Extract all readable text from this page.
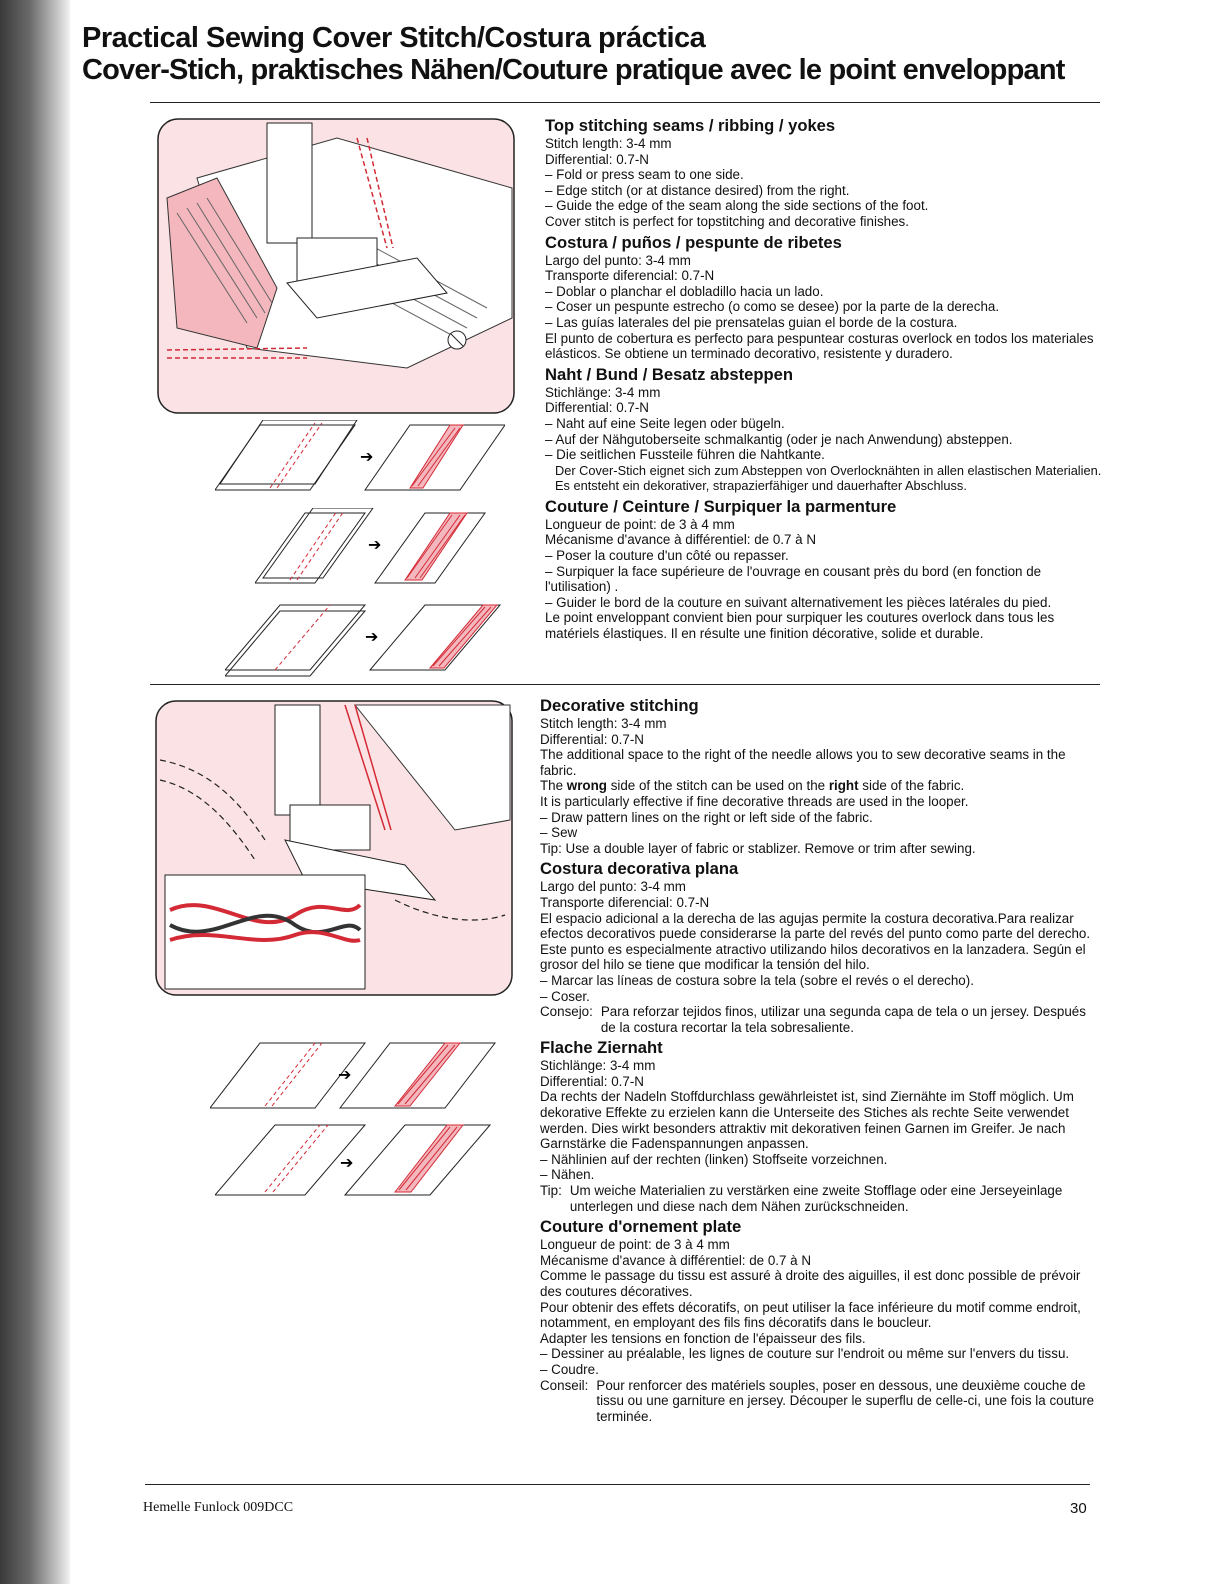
Practical Sewing Cover Stitch/Costura práctica
Cover-Stich, praktisches Nähen/Couture pratique avec le point enveloppant
➔
➔
➔
Top stitching seams / ribbing / yokes

Stitch length: 3-4 mm

Differential: 0.7-N

– Fold or press seam to one side.

– Edge stitch (or at distance desired) from the right.

– Guide the edge of the seam along the side sections of the foot.

Cover stitch is perfect for topstitching and decorative finishes.

Costura / puños / pespunte de ribetes

Largo del punto: 3-4 mm

Transporte diferencial: 0.7-N

– Doblar o planchar el dobladillo hacia un lado.

– Coser un pespunte estrecho (o como se desee) por la parte de la derecha.

– Las guías laterales del pie prensatelas guian el borde de la costura.

El punto de cobertura es perfecto para pespuntear costuras overlock en todos los materiales elásticos. Se obtiene un terminado decorativo, resistente y duradero.

Naht / Bund / Besatz absteppen

Stichlänge: 3-4 mm

Differential: 0.7-N

– Naht auf eine Seite legen oder bügeln.

– Auf der Nähgutoberseite schmalkantig (oder je nach Anwendung) absteppen.

– Die seitlichen Fussteile führen die Nahtkante.

Der Cover-Stich eignet sich zum Absteppen von Overlocknähten in allen elastischen Materialien. Es entsteht ein dekorativer, strapazierfähiger und dauerhafter Abschluss.

Couture / Ceinture / Surpiquer la parmenture

Longueur de point: de 3 à 4 mm

Mécanisme d'avance à différentiel: de 0.7 à N

– Poser la couture d'un côté ou repasser.

– Surpiquer la face supérieure de l'ouvrage en cousant près du bord (en fonction de l'utilisation) .

– Guider le bord de la couture en suivant alternativement les pièces latérales du pied.

Le point enveloppant convient bien pour surpiquer les coutures overlock dans tous les matériels élastiques. Il en résulte une finition décorative, solide et durable.

➔
➔
Decorative stitching

Stitch length: 3-4 mm

Differential: 0.7-N

The additional space to the right of the needle allows you to sew decorative seams in the fabric.

The wrong side of the stitch can be used on the right side of the fabric.

It is particularly effective if fine decorative threads are used in the looper.

– Draw pattern lines on the right or left side of the fabric.

– Sew

Tip: Use a double layer of fabric or stablizer. Remove or trim after sewing.

Costura decorativa plana

Largo del punto: 3-4 mm

Transporte diferencial: 0.7-N

El espacio adicional a la derecha de las agujas permite la costura decorativa.Para realizar efectos decorativos puede considerarse la parte del revés del punto como parte del derecho. Este punto es especialmente atractivo utilizando hilos decorativos en la lanzadera. Según el grosor del hilo se tiene que modificar la tensión del hilo.

– Marcar las líneas de costura sobre la tela (sobre el revés o el derecho).

– Coser.

Consejo: Para reforzar tejidos finos, utilizar una segunda capa de tela o un jersey. Después de la costura recortar la tela sobresaliente.
Flache Ziernaht

Stichlänge: 3-4 mm

Differential: 0.7-N

Da rechts der Nadeln Stoffdurchlass gewährleistet ist, sind Ziernähte im Stoff möglich. Um dekorative Effekte zu erzielen kann die Unterseite des Stiches als rechte Seite verwendet werden. Dies wirkt besonders attraktiv mit dekorativen feinen Garnen im Greifer. Je nach Garnstärke die Fadenspannungen anpassen.

– Nählinien auf der rechten (linken) Stoffseite vorzeichnen.

– Nähen.

Tip: Um weiche Materialien zu verstärken eine zweite Stofflage oder eine Jerseyeinlage unterlegen und diese nach dem Nähen zurückschneiden.
Couture d'ornement plate

Longueur de point: de 3 à 4 mm

Mécanisme d'avance à différentiel: de 0.7 à N

Comme le passage du tissu est assuré à droite des aiguilles, il est donc possible de prévoir des coutures décoratives.

Pour obtenir des effets décoratifs, on peut utiliser la face inférieure du motif comme endroit, notamment, en employant des fils fins décoratifs dans le boucleur.

Adapter les tensions en fonction de l'épaisseur des fils.

– Dessiner au préalable, les lignes de couture sur l'endroit ou même sur l'envers du tissu.

– Coudre.

Conseil: Pour renforcer des matériels souples, poser en dessous, une deuxième couche de tissu ou une garniture en jersey. Découper le superflu de celle-ci, une fois la couture terminée.
Hemelle Funlock 009DCC	30
